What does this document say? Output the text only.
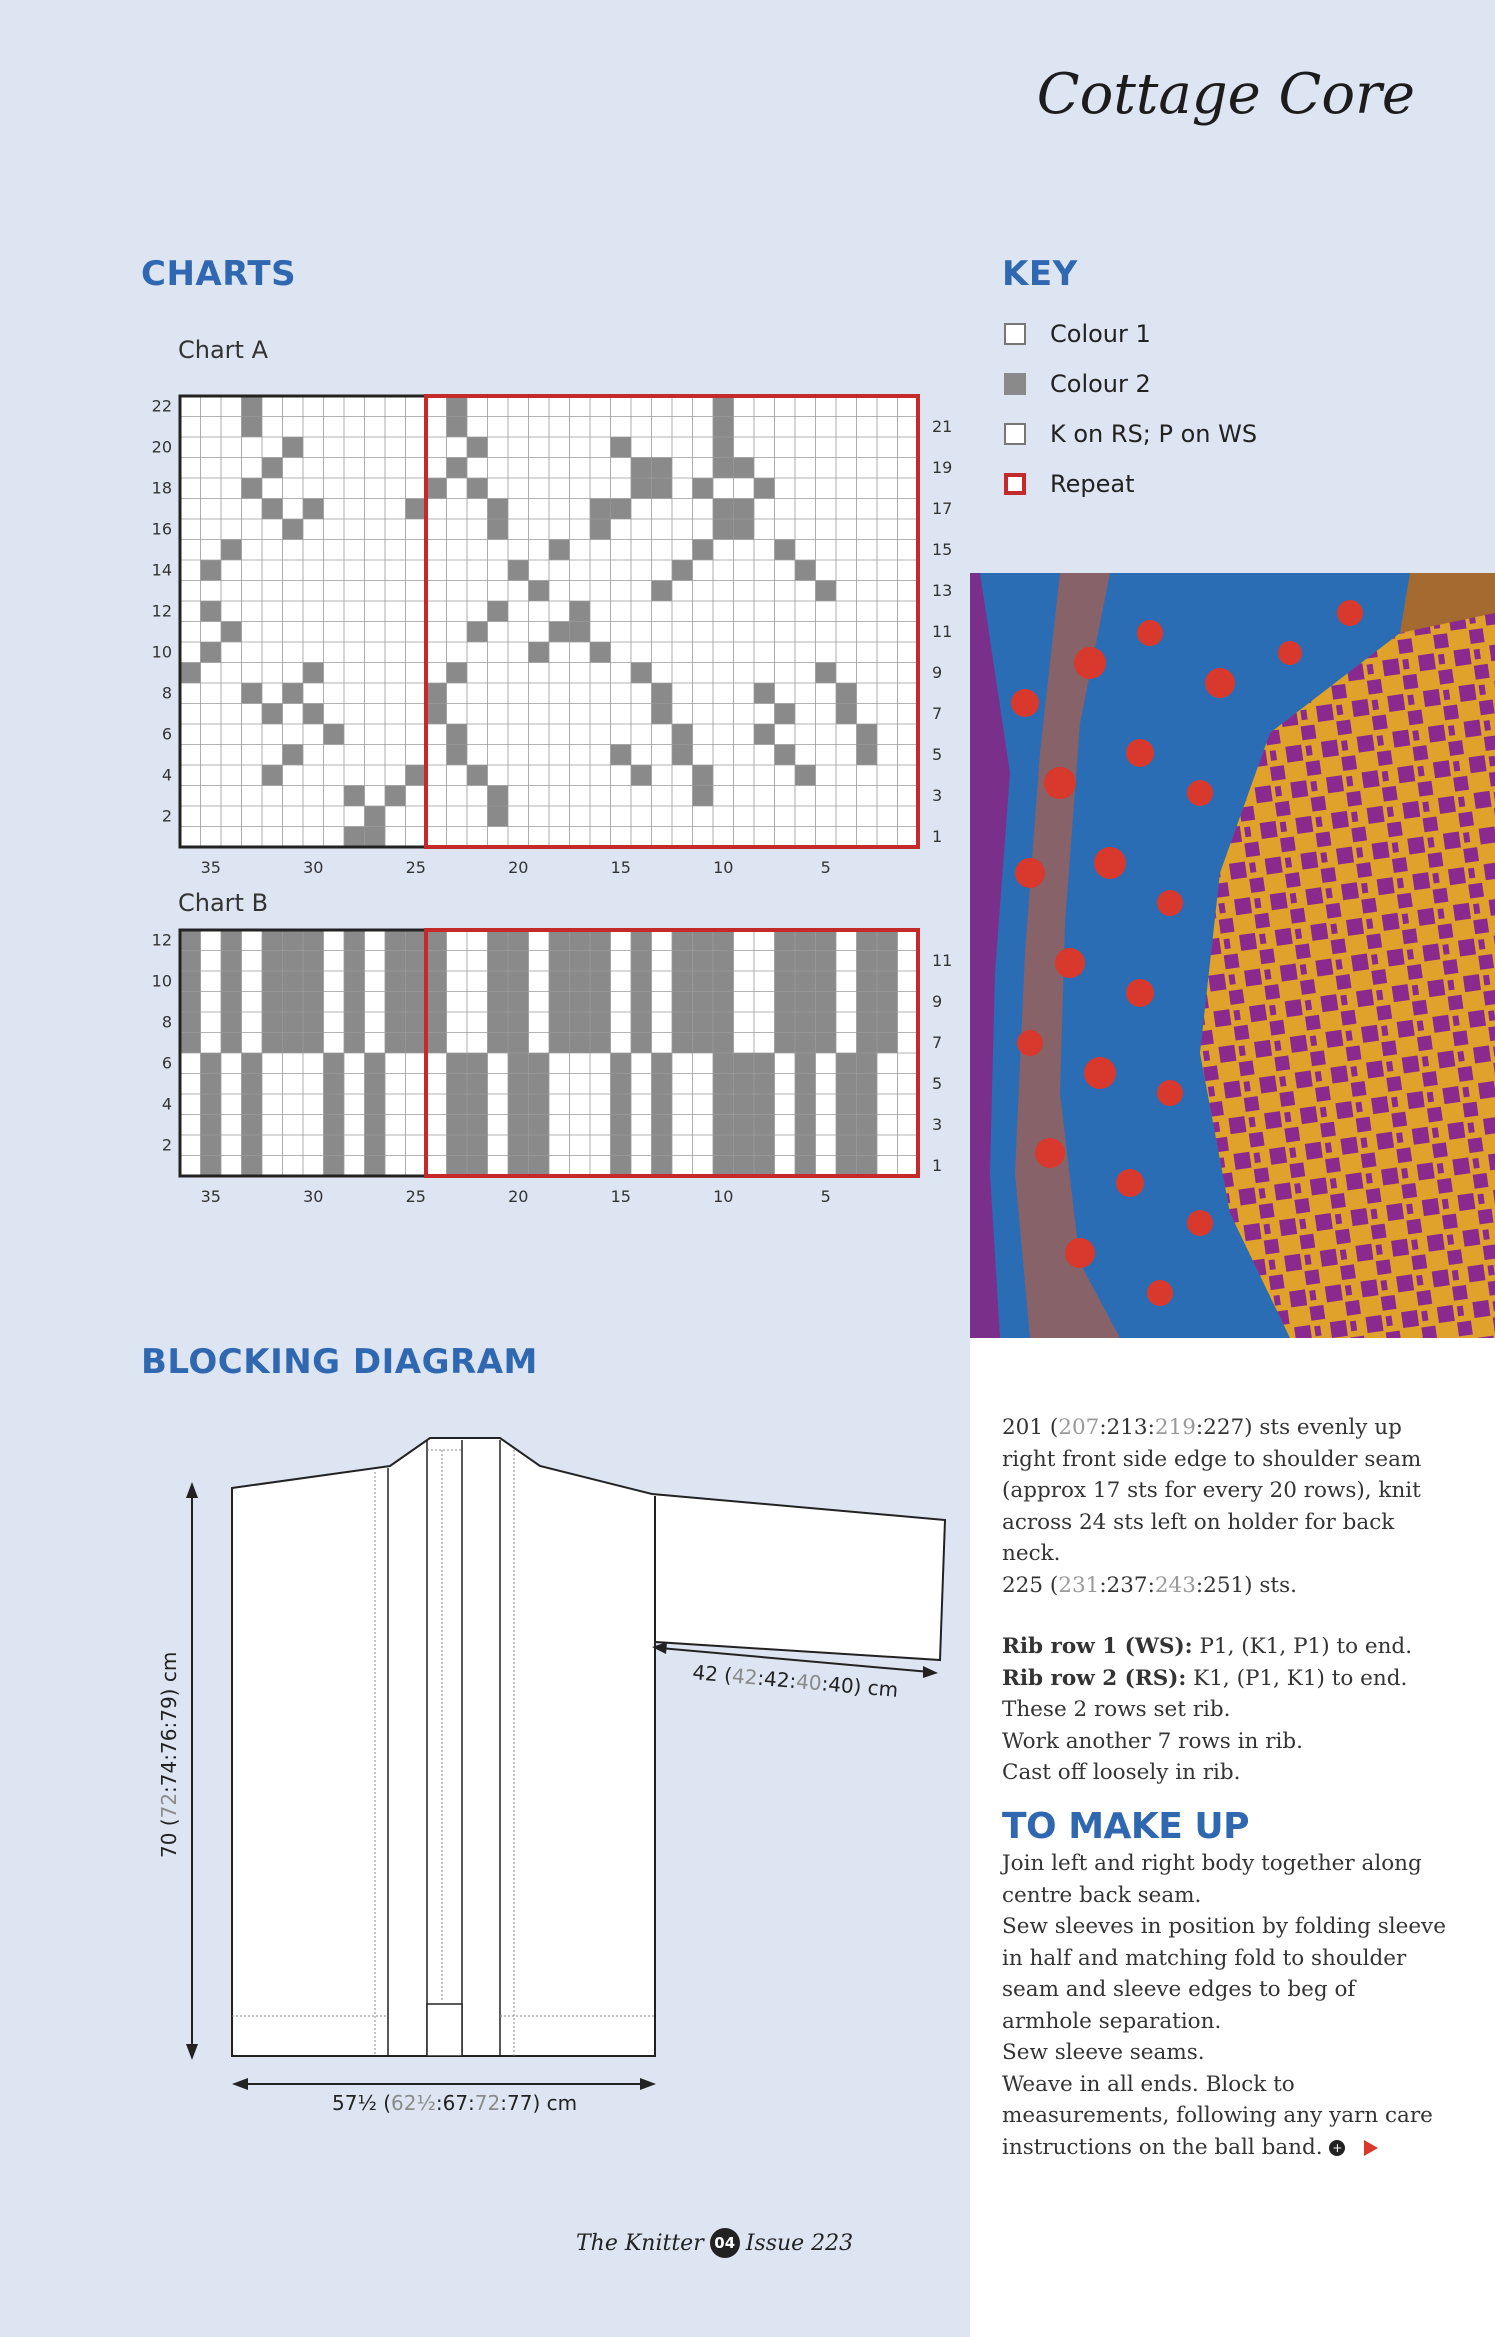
Cottage Core
CHARTS
Chart A
22
20
18
16
14
12
10
8
6
4
2
21
19
17
15
13
11
9
7
5
3
1
35	30	25	20	15	10	5
Chart B
12
10
8
6
4
2
11
9
7
5
3
1
35	30	25	20	15	10	5
KEY
Colour 1
Colour 2
K on RS; P on WS
Repeat
BLOCKING DIAGRAM
70 (72:74:76:79) cm	42 (42:42:40:40) cm
57½ (62½:67:72:77) cm

201 (207:213:219:227) sts evenly up right front side edge to shoulder seam (approx 17 sts for every 20 rows), knit across 24 sts left on holder for back neck.

225 (231:237:243:251) sts.

Rib row 1 (WS): P1, (K1, P1) to end.

Rib row 2 (RS): K1, (P1, K1) to end.

These 2 rows set rib.

Work another 7 rows in rib.

Cast off loosely in rib.

TO MAKE UP

Join left and right body together along centre back seam.

Sew sleeves in position by folding sleeve in half and matching fold to shoulder seam and sleeve edges to beg of armhole separation.

Sew sleeve seams.

Weave in all ends. Block to measurements, following any yarn care instructions on the ball band. +

The Knitter 04 Issue 223
